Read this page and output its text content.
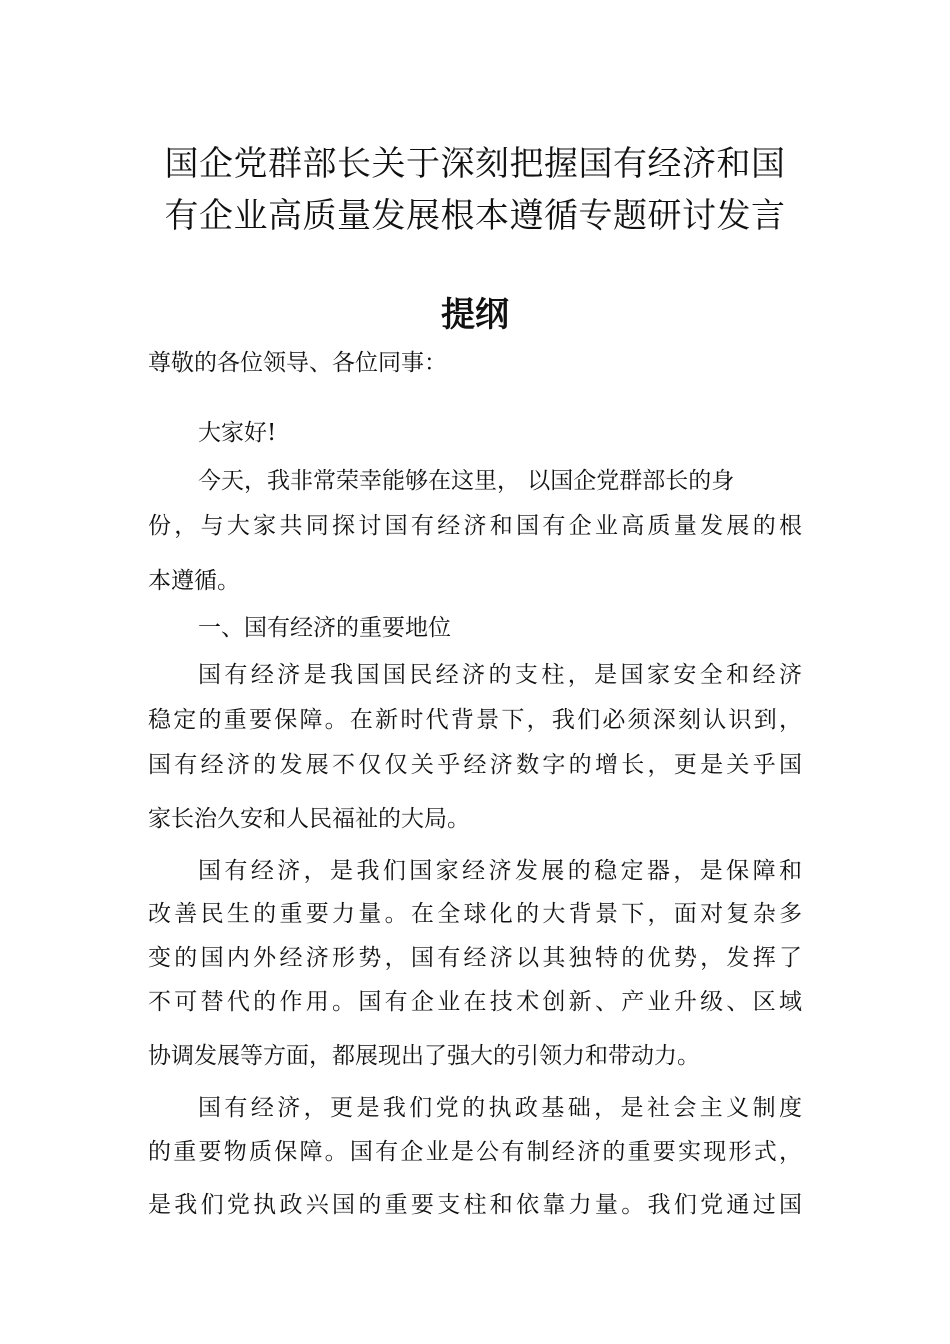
国企党群部长关于深刻把握国有经济和国
有企业高质量发展根本遵循专题研讨发言
提纲
尊敬的各位领导、各位同事：
大家好!
今天，我非常荣幸能够在这里， 以国企党群部长的身
份，与大家共同探讨国有经济和国有企业高质量发展的根
本遵循。
一、国有经济的重要地位
国有经济是我国国民经济的支柱，是国家安全和经济
稳定的重要保障。在新时代背景下，我们必须深刻认识到，
国有经济的发展不仅仅关乎经济数字的增长，更是关乎国
家长治久安和人民福祉的大局。
国有经济，是我们国家经济发展的稳定器，是保障和
改善民生的重要力量。在全球化的大背景下，面对复杂多
变的国内外经济形势，国有经济以其独特的优势，发挥了
不可替代的作用。国有企业在技术创新、产业升级、区域
协调发展等方面，都展现出了强大的引领力和带动力。
国有经济，更是我们党的执政基础，是社会主义制度
的重要物质保障。国有企业是公有制经济的重要实现形式，
是我们党执政兴国的重要支柱和依靠力量。我们党通过国
